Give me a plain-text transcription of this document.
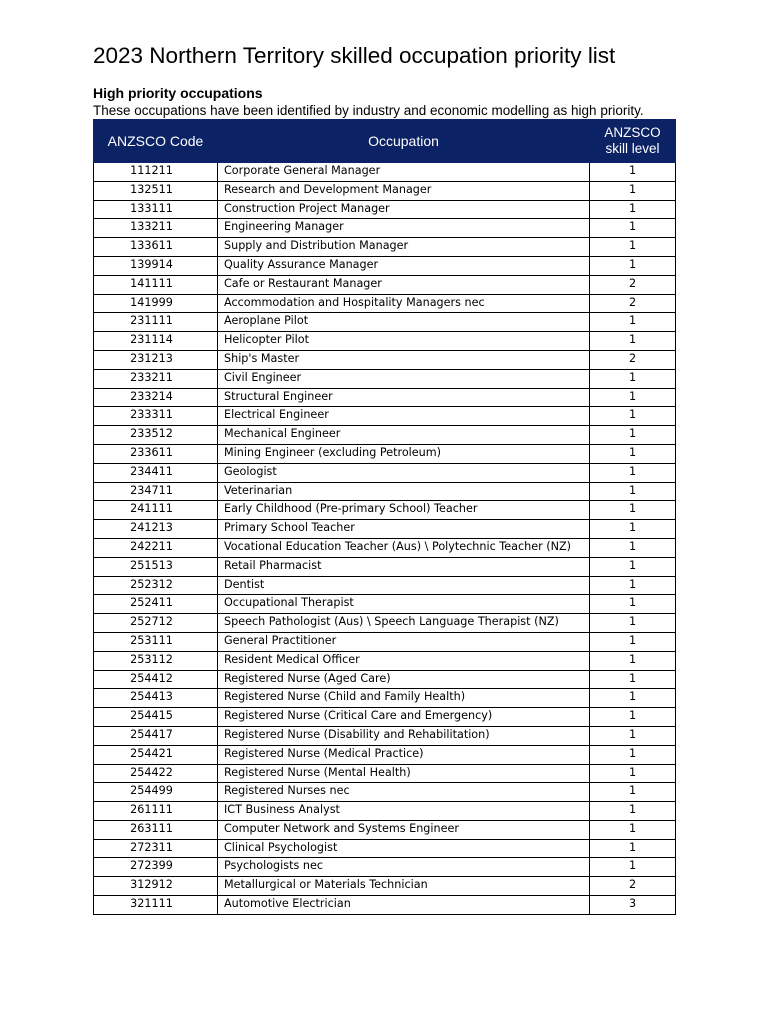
2023 Northern Territory skilled occupation priority list
High priority occupations

These occupations have been identified by industry and economic modelling as high priority.

ANZSCO Code	Occupation	ANZSCO
skill level
111211	Corporate General Manager	1
132511	Research and Development Manager	1
133111	Construction Project Manager	1
133211	Engineering Manager	1
133611	Supply and Distribution Manager	1
139914	Quality Assurance Manager	1
141111	Cafe or Restaurant Manager	2
141999	Accommodation and Hospitality Managers nec	2
231111	Aeroplane Pilot	1
231114	Helicopter Pilot	1
231213	Ship's Master	2
233211	Civil Engineer	1
233214	Structural Engineer	1
233311	Electrical Engineer	1
233512	Mechanical Engineer	1
233611	Mining Engineer (excluding Petroleum)	1
234411	Geologist	1
234711	Veterinarian	1
241111	Early Childhood (Pre-primary School) Teacher	1
241213	Primary School Teacher	1
242211	Vocational Education Teacher (Aus) \ Polytechnic Teacher (NZ)	1
251513	Retail Pharmacist	1
252312	Dentist	1
252411	Occupational Therapist	1
252712	Speech Pathologist (Aus) \ Speech Language Therapist (NZ)	1
253111	General Practitioner	1
253112	Resident Medical Officer	1
254412	Registered Nurse (Aged Care)	1
254413	Registered Nurse (Child and Family Health)	1
254415	Registered Nurse (Critical Care and Emergency)	1
254417	Registered Nurse (Disability and Rehabilitation)	1
254421	Registered Nurse (Medical Practice)	1
254422	Registered Nurse (Mental Health)	1
254499	Registered Nurses nec	1
261111	ICT Business Analyst	1
263111	Computer Network and Systems Engineer	1
272311	Clinical Psychologist	1
272399	Psychologists nec	1
312912	Metallurgical or Materials Technician	2
321111	Automotive Electrician	3
